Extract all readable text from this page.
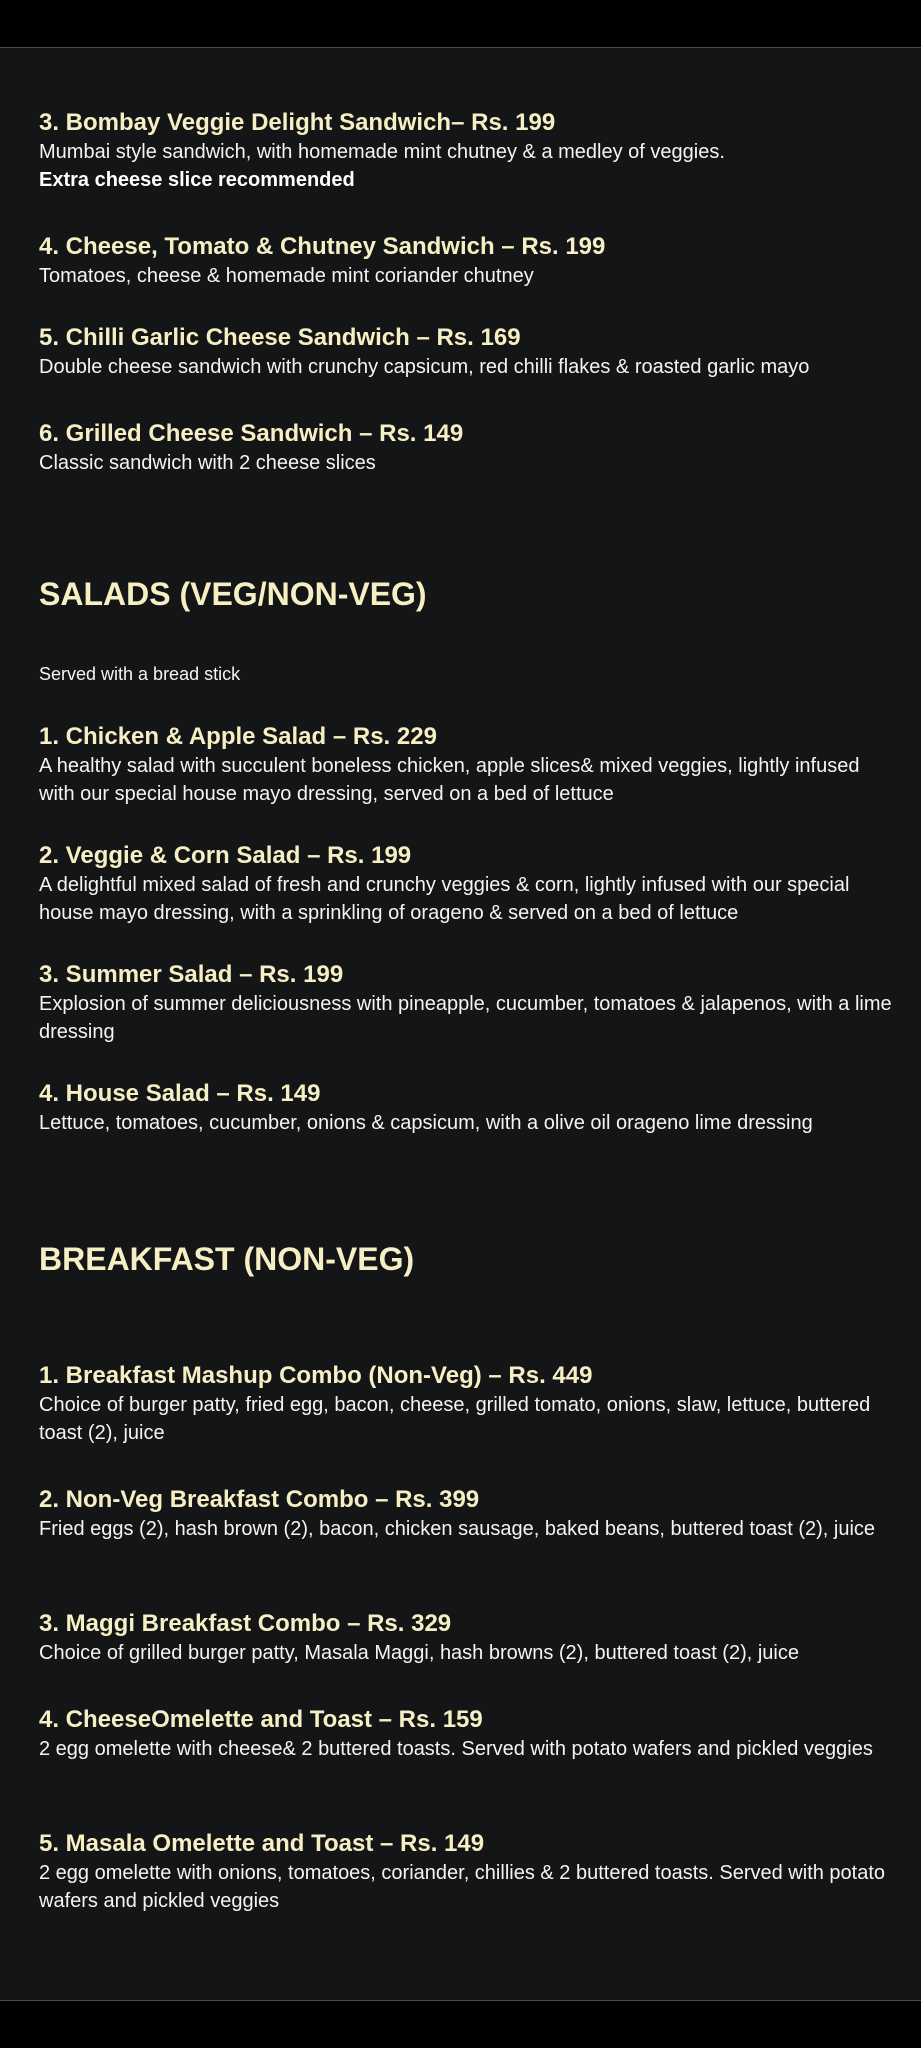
3. Bombay Veggie Delight Sandwich– Rs. 199
Mumbai style sandwich, with homemade mint chutney & a medley of veggies.
Extra cheese slice recommended
4. Cheese, Tomato & Chutney Sandwich – Rs. 199
Tomatoes, cheese & homemade mint coriander chutney
5. Chilli Garlic Cheese Sandwich – Rs. 169
Double cheese sandwich with crunchy capsicum, red chilli flakes & roasted garlic mayo
6. Grilled Cheese Sandwich – Rs. 149
Classic sandwich with 2 cheese slices
SALADS (VEG/NON-VEG)
Served with a bread stick
1. Chicken & Apple Salad – Rs. 229
A healthy salad with succulent boneless chicken, apple slices& mixed veggies, lightly infused with our special house mayo dressing, served on a bed of lettuce
2. Veggie & Corn Salad – Rs. 199
A delightful mixed salad of fresh and crunchy veggies & corn, lightly infused with our special house mayo dressing, with a sprinkling of orageno & served on a bed of lettuce
3. Summer Salad – Rs. 199
Explosion of summer deliciousness with pineapple, cucumber, tomatoes & jalapenos, with a lime dressing
4. House Salad – Rs. 149
Lettuce, tomatoes, cucumber, onions & capsicum, with a olive oil orageno lime dressing
BREAKFAST (NON-VEG)
1. Breakfast Mashup Combo (Non-Veg) – Rs. 449
Choice of burger patty, fried egg, bacon, cheese, grilled tomato, onions, slaw, lettuce, buttered toast (2), juice
2. Non-Veg Breakfast Combo – Rs. 399
Fried eggs (2), hash brown (2), bacon, chicken sausage, baked beans, buttered toast (2), juice
3. Maggi Breakfast Combo – Rs. 329
Choice of grilled burger patty, Masala Maggi, hash browns (2), buttered toast (2), juice
4. CheeseOmelette and Toast – Rs. 159
2 egg omelette with cheese& 2 buttered toasts. Served with potato wafers and pickled veggies
5. Masala Omelette and Toast – Rs. 149
2 egg omelette with onions, tomatoes, coriander, chillies & 2 buttered toasts. Served with potato wafers and pickled veggies
